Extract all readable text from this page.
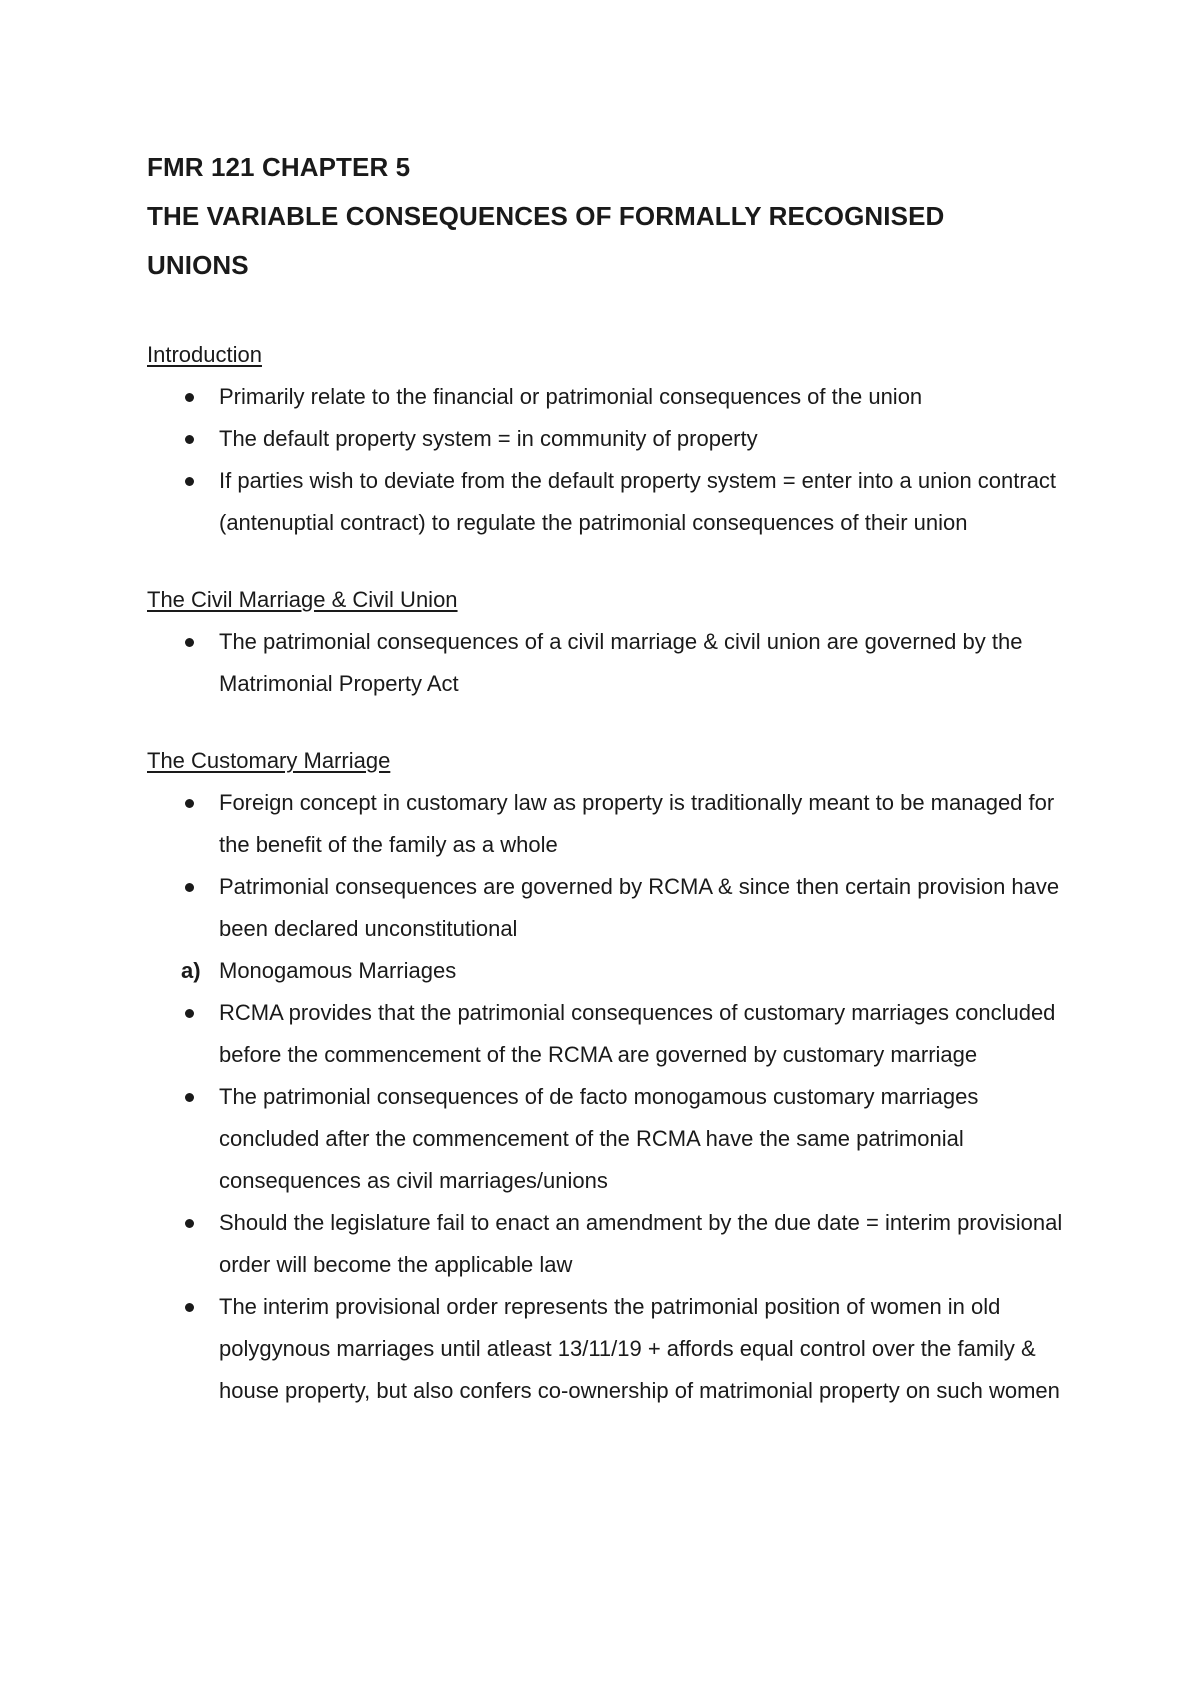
FMR 121 CHAPTER 5
THE VARIABLE CONSEQUENCES OF FORMALLY RECOGNISED
UNIONS

Introduction

Primarily relate to the financial or patrimonial consequences of the union
The default property system = in community of property
If parties wish to deviate from the default property system = enter into a union contract (antenuptial contract) to regulate the patrimonial consequences of their union

The Civil Marriage & Civil Union

The patrimonial consequences of a civil marriage & civil union are governed by the Matrimonial Property Act

The Customary Marriage

Foreign concept in customary law as property is traditionally meant to be managed for the benefit of the family as a whole
Patrimonial consequences are governed by RCMA & since then certain provision have been declared unconstitutional
a) Monogamous Marriages
RCMA provides that the patrimonial consequences of customary marriages concluded before the commencement of the RCMA are governed by customary marriage
The patrimonial consequences of de facto monogamous customary marriages concluded after the commencement of the RCMA have the same patrimonial consequences as civil marriages/unions
Should the legislature fail to enact an amendment by the due date = interim provisional order will become the applicable law
The interim provisional order represents the patrimonial position of women in old polygynous marriages until atleast 13/11/19 + affords equal control over the family & house property, but also confers co-ownership of matrimonial property on such women
